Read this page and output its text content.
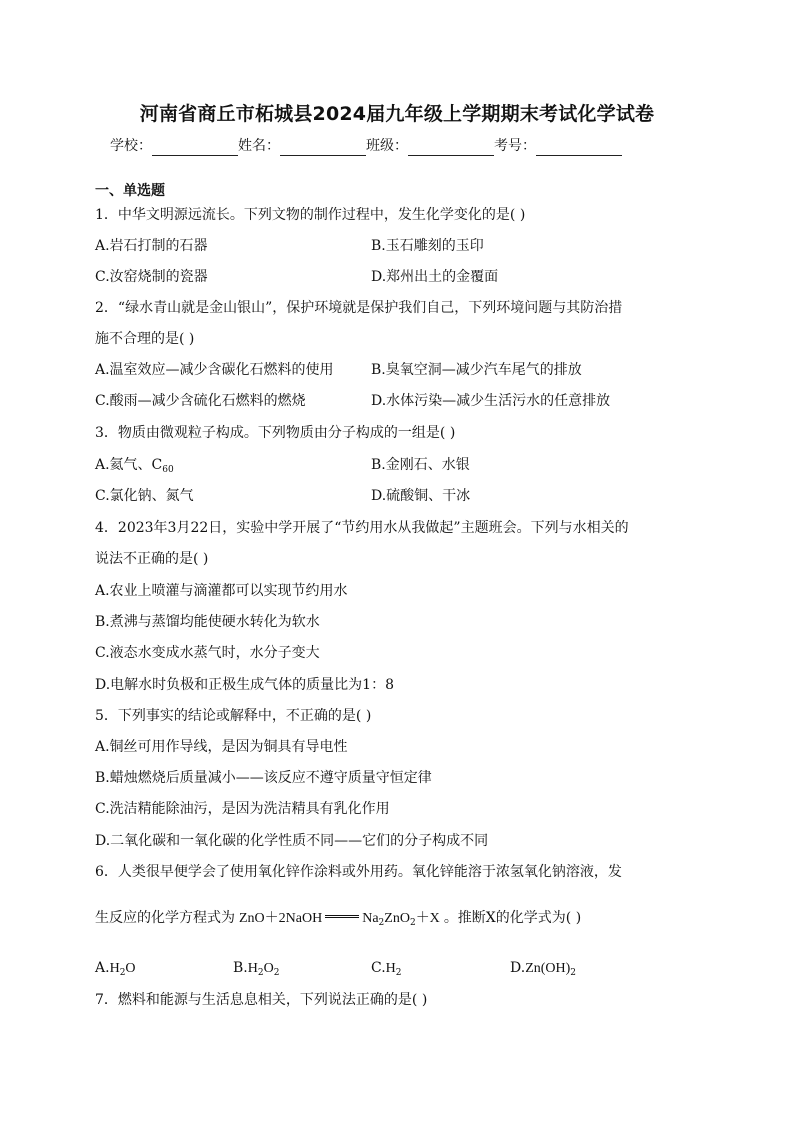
河南省商丘市柘城县2024届九年级上学期期末考试化学试卷
学校：	姓名：	班级：	考号：
一、单选题
1．中华文明源远流长。下列文物的制作过程中，发生化学变化的是( )
A.岩石打制的石器	B.玉石雕刻的玉印
C.汝窑烧制的瓷器	D.郑州出土的金覆面
2．“绿水青山就是金山银山”，保护环境就是保护我们自己，下列环境问题与其防治措
施不合理的是( )
A.温室效应—减少含碳化石燃料的使用	B.臭氧空洞—减少汽车尾气的排放
C.酸雨—减少含硫化石燃料的燃烧	D.水体污染—减少生活污水的任意排放
3．物质由微观粒子构成。下列物质由分子构成的一组是( )
A.氦气、$C_{60}$	B.金刚石、水银
C.氯化钠、氮气	D.硫酸铜、干冰
4．2023年3月22日，实验中学开展了“节约用水从我做起”主题班会。下列与水相关的
说法不正确的是( )
A.农业上喷灌与滴灌都可以实现节约用水
B.煮沸与蒸馏均能使硬水转化为软水
C.液态水变成水蒸气时，水分子变大
D.电解水时负极和正极生成气体的质量比为1：8
5．下列事实的结论或解释中，不正确的是( )
A.铜丝可用作导线，是因为铜具有导电性
B.蜡烛燃烧后质量减小——该反应不遵守质量守恒定律
C.洗洁精能除油污，是因为洗洁精具有乳化作用
D.二氧化碳和一氧化碳的化学性质不同——它们的分子构成不同
6．人类很早便学会了使用氧化锌作涂料或外用药。氧化锌能溶于浓氢氧化钠溶液，发
生反应的化学方程式为 ZnO＋2NaOH	$Na_2ZnO_2+X$ 。推断X的化学式为( )
$A.H_2O$	$B.H_2O_2$	$C.H_2$	$D.Zn(OH)_2$
7．燃料和能源与生活息息相关，下列说法正确的是( )
